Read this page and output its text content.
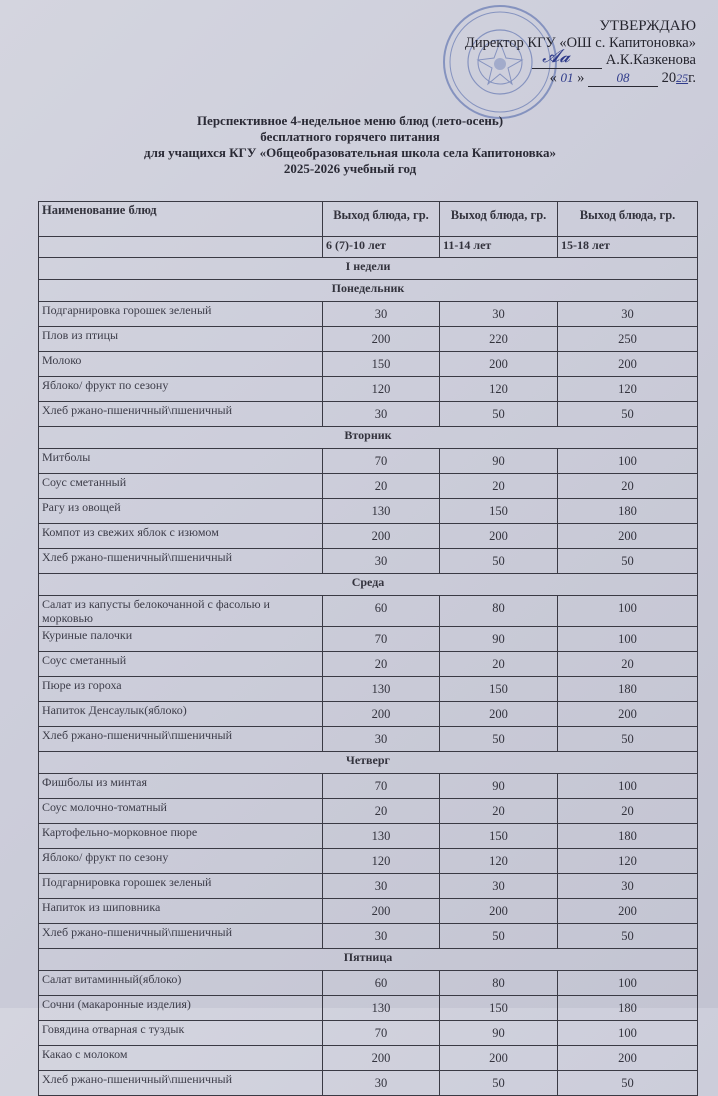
УТВЕРЖДАЮ
Директор КГУ «ОШ с. Капитоновка»
𝓐𝓪 А.К.Казкенова
« 01 » 08 2025г.
Перспективное 4-недельное меню блюд (лето-осень)
бесплатного горячего питания
для учащихся КГУ «Общеобразовательная школа села Капитоновка»
2025-2026 учебный год
Наименование блюд	Выход блюда, гр.	Выход блюда, гр.	Выход блюда, гр.
	6 (7)-10 лет	11-14 лет	15-18 лет
I недели			
Понедельник			
Подгарнировка горошек зеленый	30	30	30
Плов из птицы	200	220	250
Молоко	150	200	200
Яблоко/ фрукт по сезону	120	120	120
Хлеб ржано-пшеничный\пшеничный	30	50	50
Вторник			
Митболы	70	90	100
Соус сметанный	20	20	20
Рагу из овощей	130	150	180
Компот из свежих яблок с изюмом	200	200	200
Хлеб ржано-пшеничный\пшеничный	30	50	50
Среда			
Салат из капусты белокочанной с фасолью и морковью	60	80	100
Куриные палочки	70	90	100
Соус сметанный	20	20	20
Пюре из гороха	130	150	180
Напиток Денсаулык(яблоко)	200	200	200
Хлеб ржано-пшеничный\пшеничный	30	50	50
Четверг			
Фишболы из минтая	70	90	100
Соус молочно-томатный	20	20	20
Картофельно-морковное пюре	130	150	180
Яблоко/ фрукт по сезону	120	120	120
Подгарнировка горошек зеленый	30	30	30
Напиток из шиповника	200	200	200
Хлеб ржано-пшеничный\пшеничный	30	50	50
Пятница			
Салат витаминный(яблоко)	60	80	100
Сочни (макаронные изделия)	130	150	180
Говядина отварная с туздык	70	90	100
Какао с молоком	200	200	200
Хлеб ржано-пшеничный\пшеничный	30	50	50
